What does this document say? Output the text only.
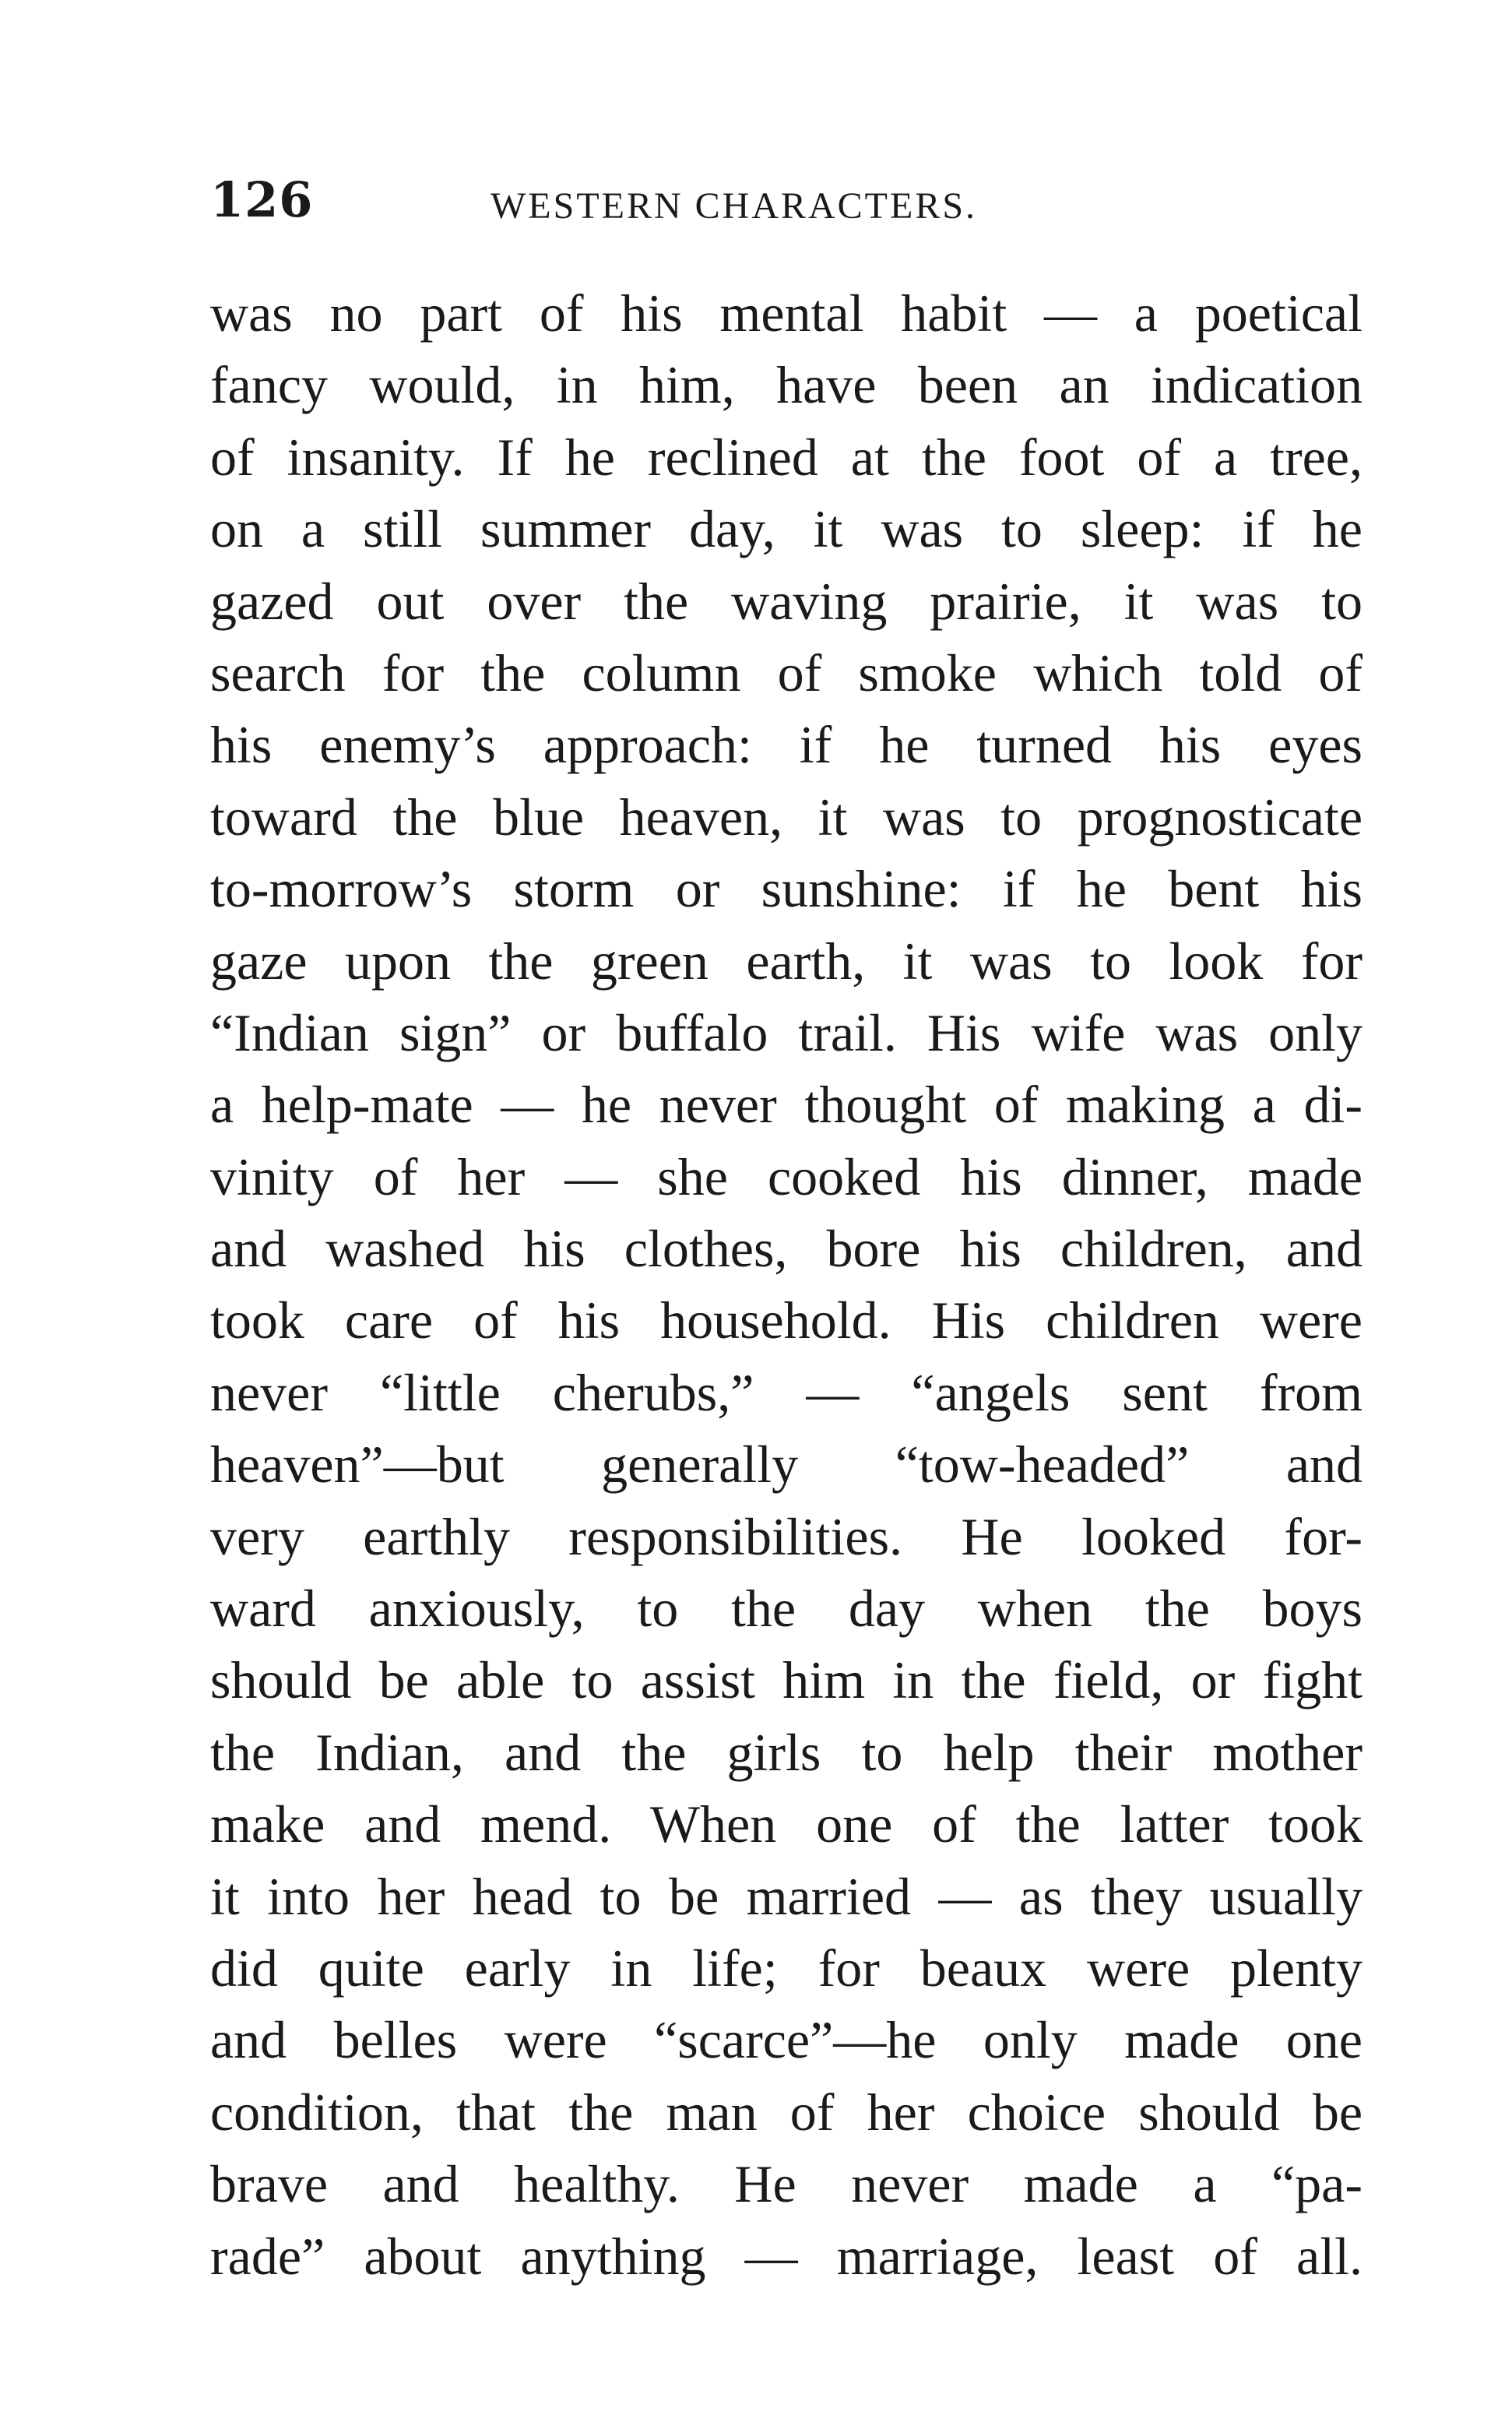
126	WESTERN CHARACTERS.
was no part of his mental habit — a poetical
fancy would, in him, have been an indication
of insanity. If he reclined at the foot of a tree,
on a still summer day, it was to sleep: if he
gazed out over the waving prairie, it was to
search for the column of smoke which told of
his enemy’s approach: if he turned his eyes
toward the blue heaven, it was to prognosticate
to-morrow’s storm or sunshine: if he bent his
gaze upon the green earth, it was to look for
“Indian sign” or buffalo trail. His wife was only
a help-mate — he never thought of making a di-
vinity of her — she cooked his dinner, made
and washed his clothes, bore his children, and
took care of his household. His children were
never “little cherubs,” — “angels sent from
heaven”—but generally “tow-headed” and
very earthly responsibilities. He looked for-
ward anxiously, to the day when the boys
should be able to assist him in the field, or fight
the Indian, and the girls to help their mother
make and mend. When one of the latter took
it into her head to be married — as they usually
did quite early in life; for beaux were plenty
and belles were “scarce”—he only made one
condition, that the man of her choice should be
brave and healthy. He never made a “pa-
rade” about anything — marriage, least of all.
